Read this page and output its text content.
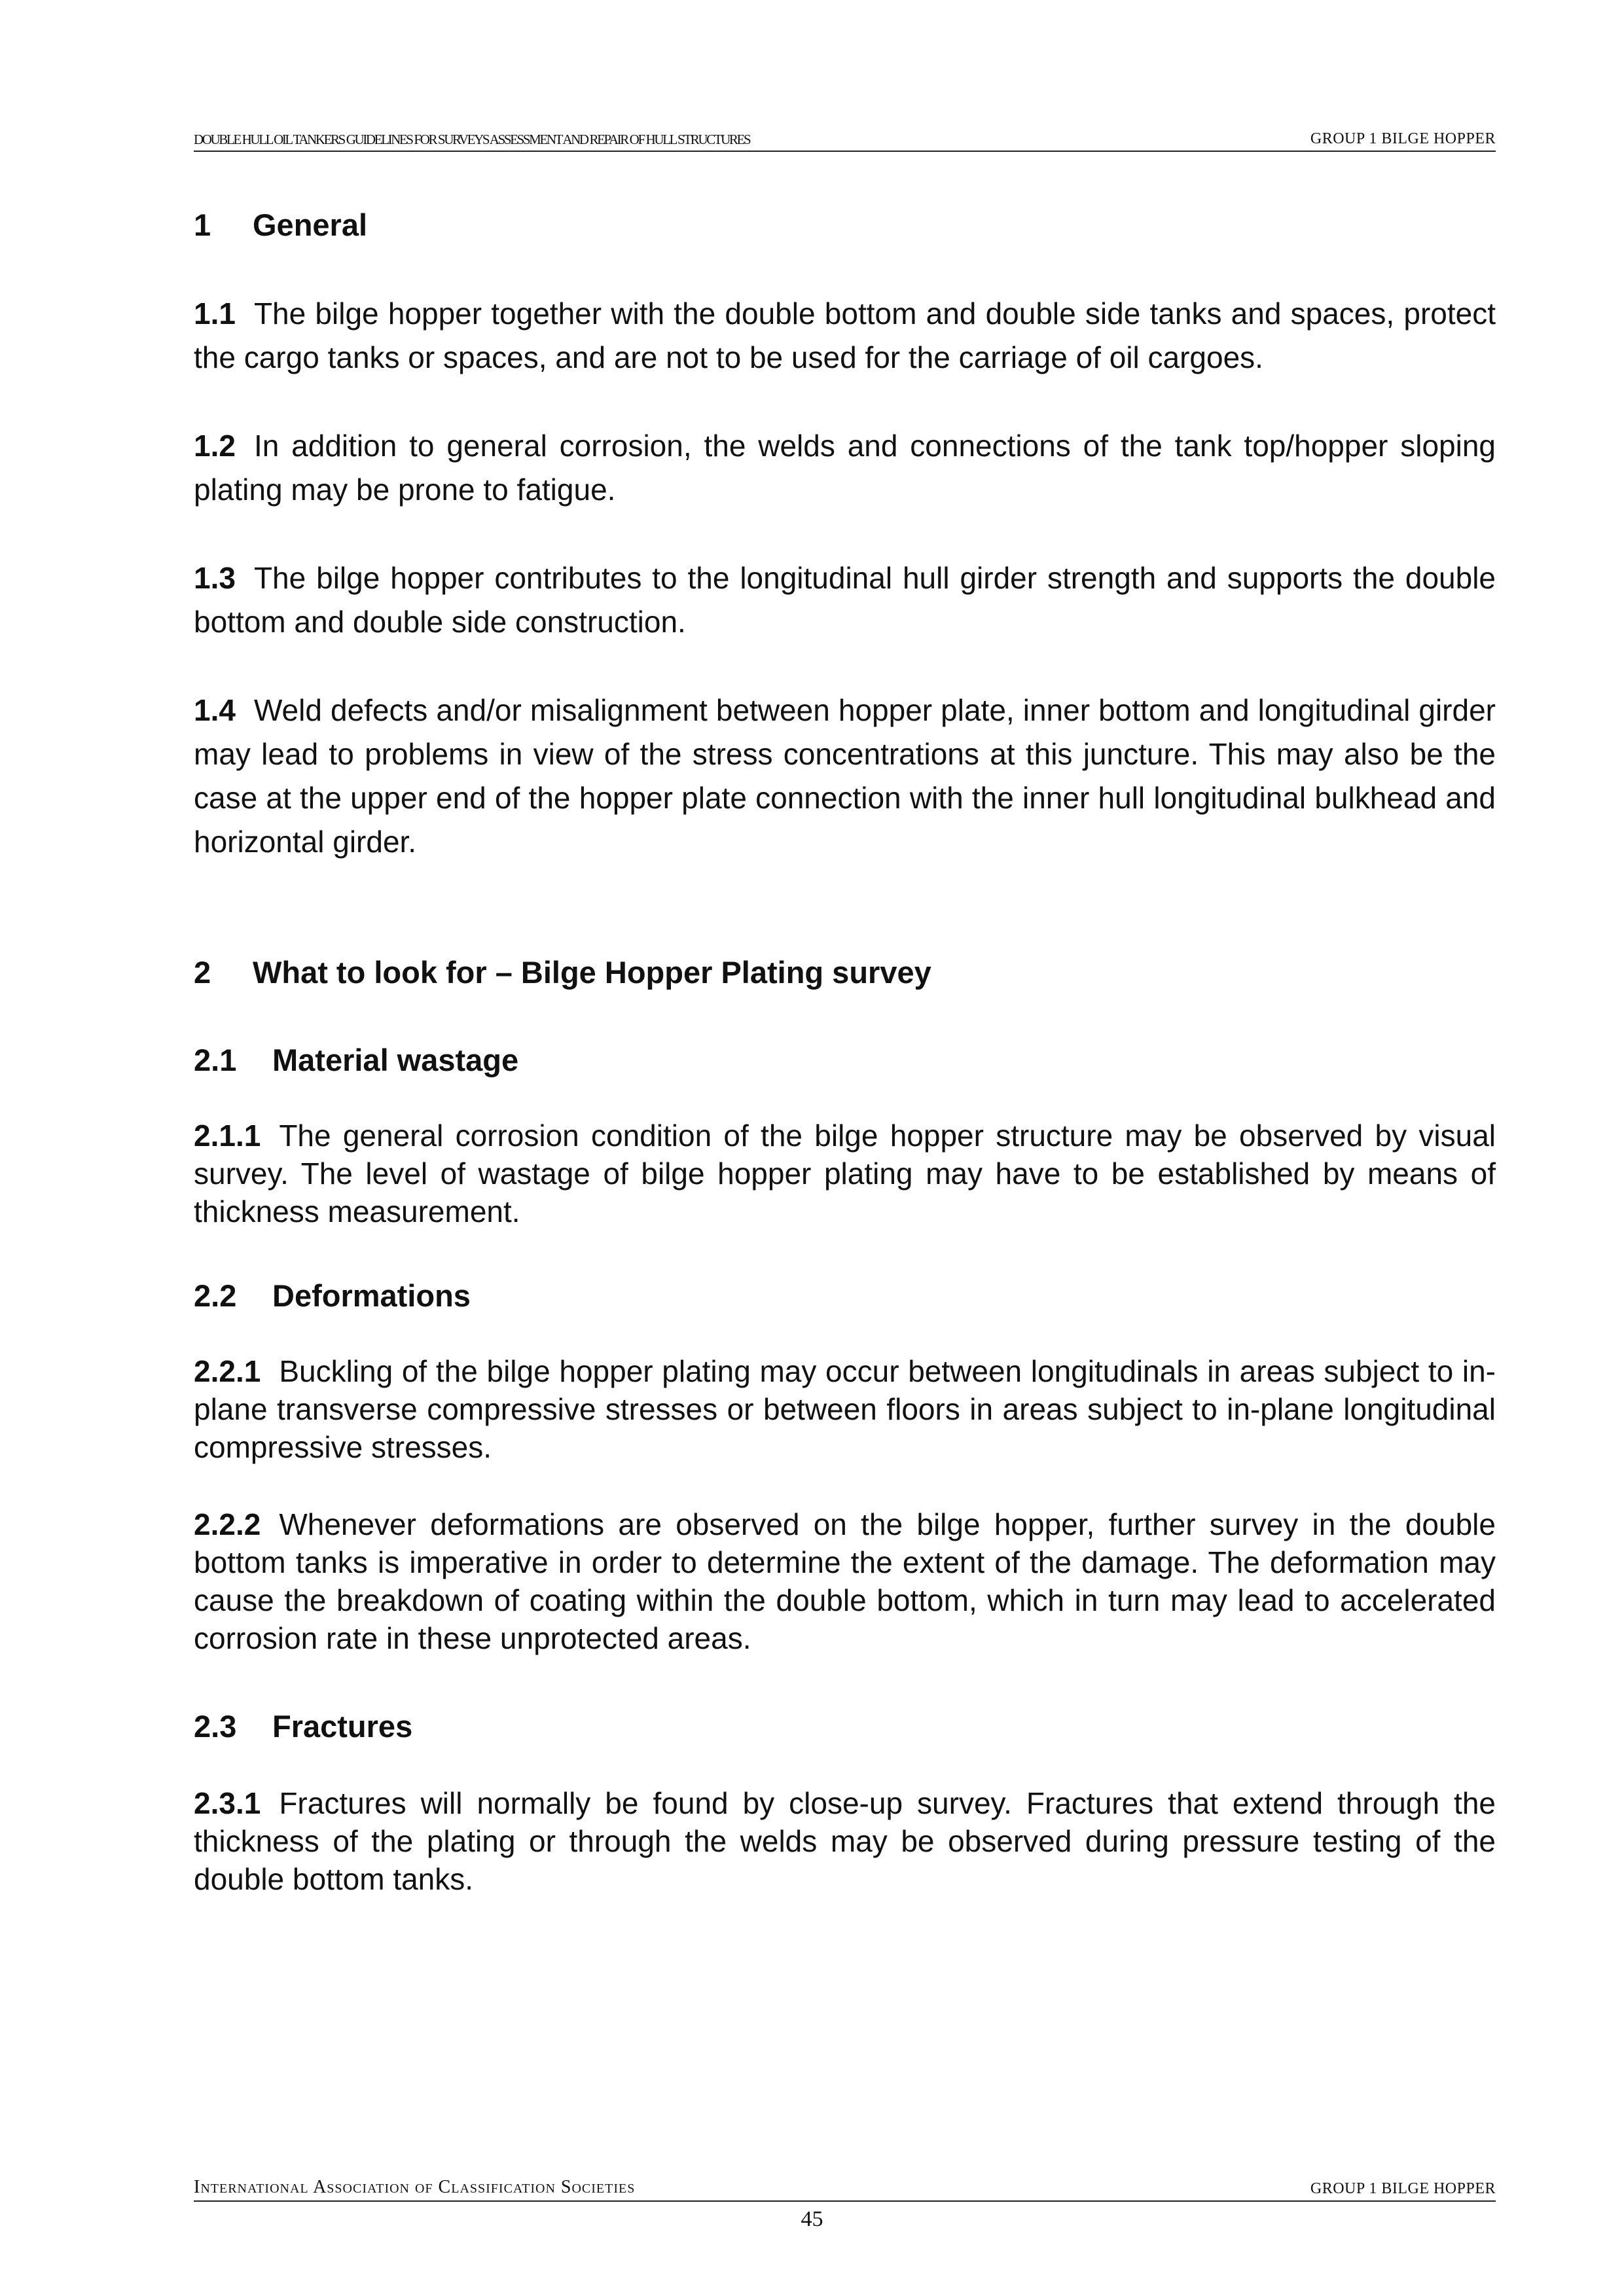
DOUBLE HULL OIL TANKERS GUIDELINES FOR SURVEYS ASSESSMENT AND REPAIR OF HULL STRUCTURES	GROUP 1 BILGE HOPPER
1 General

1.1 The bilge hopper together with the double bottom and double side tanks and spaces, protect the cargo tanks or spaces, and are not to be used for the carriage of oil cargoes.

1.2 In addition to general corrosion, the welds and connections of the tank top/hopper sloping plating may be prone to fatigue.

1.3 The bilge hopper contributes to the longitudinal hull girder strength and supports the double bottom and double side construction.

1.4 Weld defects and/or misalignment between hopper plate, inner bottom and longitudinal girder may lead to problems in view of the stress concentrations at this juncture. This may also be the case at the upper end of the hopper plate connection with the inner hull longitudinal bulkhead and horizontal girder.

2 What to look for – Bilge Hopper Plating survey
2.1 Material wastage

2.1.1 The general corrosion condition of the bilge hopper structure may be observed by visual survey. The level of wastage of bilge hopper plating may have to be established by means of thickness measurement.

2.2 Deformations

2.2.1 Buckling of the bilge hopper plating may occur between longitudinals in areas subject to in-plane transverse compressive stresses or between floors in areas subject to in-plane longitudinal compressive stresses.

2.2.2 Whenever deformations are observed on the bilge hopper, further survey in the double bottom tanks is imperative in order to determine the extent of the damage. The deformation may cause the breakdown of coating within the double bottom, which in turn may lead to accelerated corrosion rate in these unprotected areas.

2.3 Fractures

2.3.1 Fractures will normally be found by close-up survey. Fractures that extend through the thickness of the plating or through the welds may be observed during pressure testing of the double bottom tanks.

International Association of Classification Societies	GROUP 1 BILGE HOPPER
45
